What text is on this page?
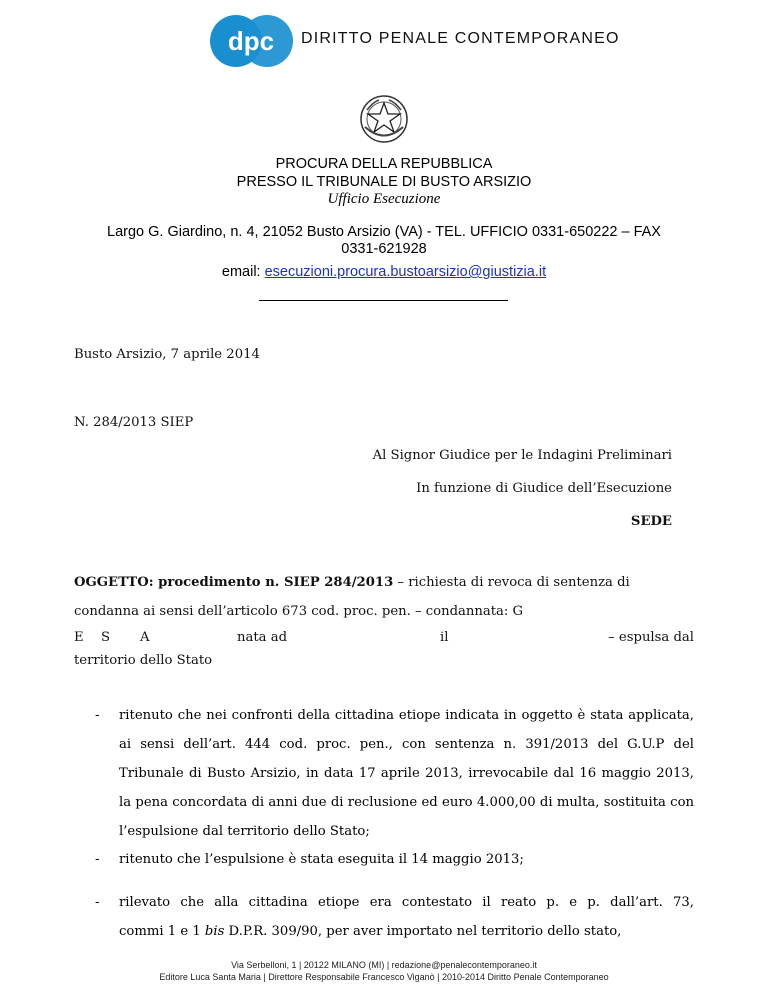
dpc DIRITTO PENALE CONTEMPORANEO
PROCURA DELLA REPUBBLICA
PRESSO IL TRIBUNALE DI BUSTO ARSIZIO
Ufficio Esecuzione
Largo G. Giardino, n. 4, 21052 Busto Arsizio (VA) - TEL. UFFICIO 0331-650222 – FAX
0331-621928
email: esecuzioni.procura.bustoarsizio@giustizia.it
Busto Arsizio, 7 aprile 2014
N. 284/2013 SIEP
Al Signor Giudice per le Indagini Preliminari
In funzione di Giudice dell’Esecuzione
SEDE
OGGETTO: procedimento n. SIEP 284/2013 – richiesta di revoca di sentenza di condanna ai sensi dell’articolo 673 cod. proc. pen. – condannata: G
E S A	nata ad	il	– espulsa dal
territorio dello Stato
- ritenuto che nei confronti della cittadina etiope indicata in oggetto è stata applicata, ai sensi dell’art. 444 cod. proc. pen., con sentenza n. 391/2013 del G.U.P del Tribunale di Busto Arsizio, in data 17 aprile 2013, irrevocabile dal 16 maggio 2013, la pena concordata di anni due di reclusione ed euro 4.000,00 di multa, sostituita con l’espulsione dal territorio dello Stato;
- ritenuto che l’espulsione è stata eseguita il 14 maggio 2013;
- rilevato che alla cittadina etiope era contestato il reato p. e p. dall’art. 73,
commi 1 e 1 bis D.P.R. 309/90, per aver importato nel territorio dello stato,
Via Serbelloni, 1 | 20122 MILANO (MI) | redazione@penalecontemporaneo.it
Editore Luca Santa Maria | Direttore Responsabile Francesco Viganò | 2010-2014 Diritto Penale Contemporaneo
